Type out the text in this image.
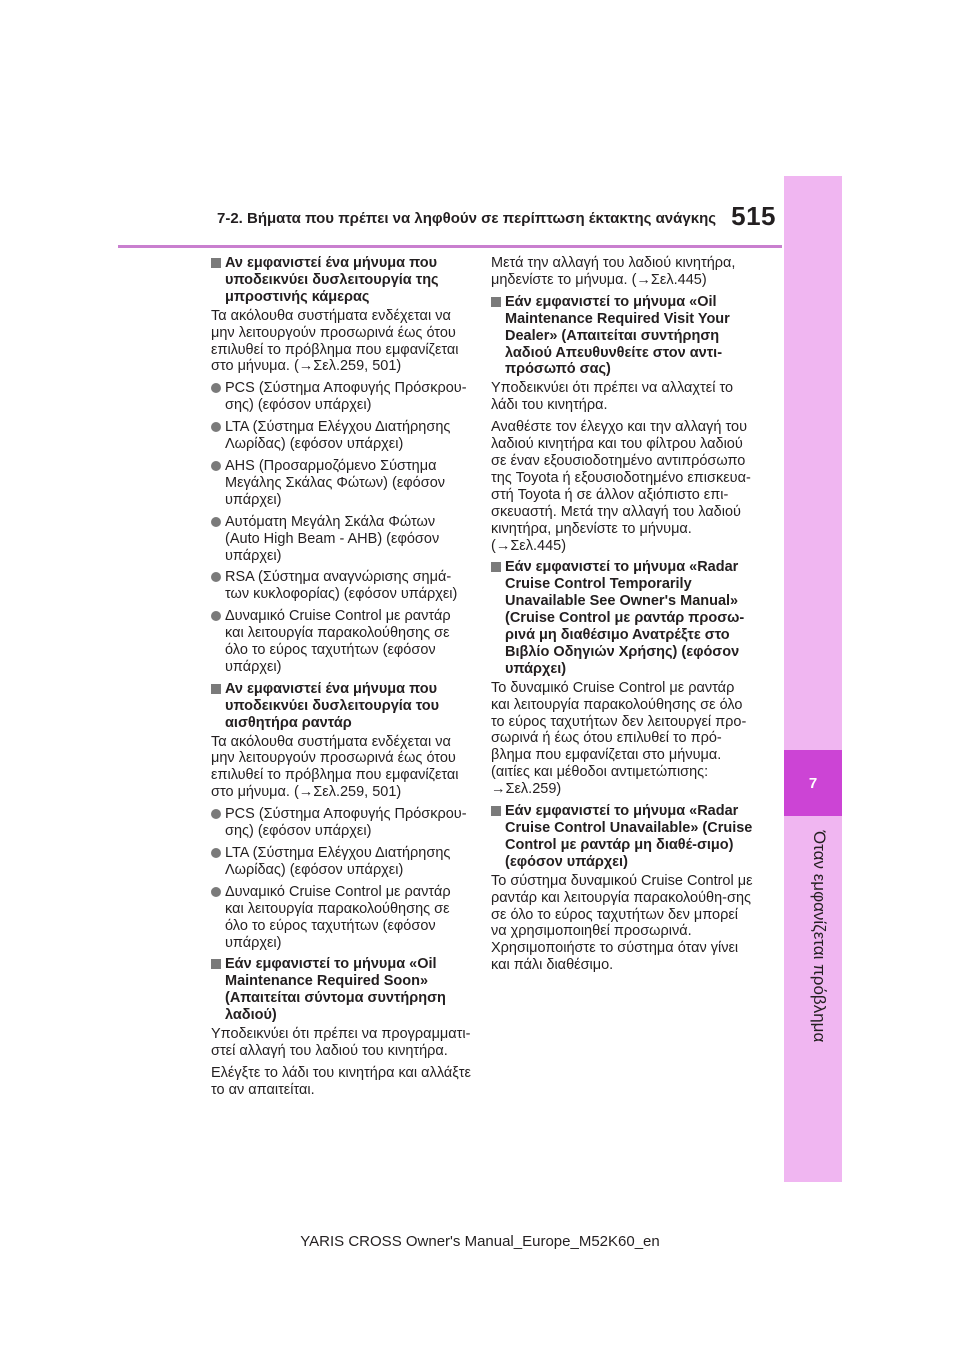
7-2. Βήματα που πρέπει να ληφθούν σε περίπτωση έκτακτης ανάγκης 515
7
Όταν εμφανίζεται πρόβλημα
Αν εμφανιστεί ένα μήνυμα που υποδεικνύει δυσλειτουργία της μπροστινής κάμερας
Τα ακόλουθα συστήματα ενδέχεται να μην λειτουργούν προσωρινά έως ότου επιλυθεί το πρόβλημα που εμφανίζεται στο μήνυμα. (→Σελ.259, 501)
PCS (Σύστημα Αποφυγής Πρόσκρου-σης) (εφόσον υπάρχει)
LTA (Σύστημα Ελέγχου Διατήρησης Λωρίδας) (εφόσον υπάρχει)
AHS (Προσαρμοζόμενο Σύστημα Μεγάλης Σκάλας Φώτων) (εφόσον υπάρχει)
Αυτόματη Μεγάλη Σκάλα Φώτων (Auto High Beam - AHB) (εφόσον υπάρχει)
RSA (Σύστημα αναγνώρισης σημά-των κυκλοφορίας) (εφόσον υπάρχει)
Δυναμικό Cruise Control με ραντάρ και λειτουργία παρακολούθησης σε όλο το εύρος ταχυτήτων (εφόσον υπάρχει)
Αν εμφανιστεί ένα μήνυμα που υποδεικνύει δυσλειτουργία του αισθητήρα ραντάρ
Τα ακόλουθα συστήματα ενδέχεται να μην λειτουργούν προσωρινά έως ότου επιλυθεί το πρόβλημα που εμφανίζεται στο μήνυμα. (→Σελ.259, 501)
PCS (Σύστημα Αποφυγής Πρόσκρου-σης) (εφόσον υπάρχει)
LTA (Σύστημα Ελέγχου Διατήρησης Λωρίδας) (εφόσον υπάρχει)
Δυναμικό Cruise Control με ραντάρ και λειτουργία παρακολούθησης σε όλο το εύρος ταχυτήτων (εφόσον υπάρχει)
Εάν εμφανιστεί το μήνυμα «Oil Maintenance Required Soon» (Απαιτείται σύντομα συντήρηση λαδιού)
Υποδεικνύει ότι πρέπει να προγραμματι-στεί αλλαγή του λαδιού του κινητήρα.
Ελέγξτε το λάδι του κινητήρα και αλλάξτε το αν απαιτείται.
Μετά την αλλαγή του λαδιού κινητήρα, μηδενίστε το μήνυμα. (→Σελ.445)
Εάν εμφανιστεί το μήνυμα «Oil Maintenance Required Visit Your Dealer» (Απαιτείται συντήρηση λαδιού Απευθυνθείτε στον αντι-πρόσωπό σας)
Υποδεικνύει ότι πρέπει να αλλαχτεί το λάδι του κινητήρα.
Αναθέστε τον έλεγχο και την αλλαγή του λαδιού κινητήρα και του φίλτρου λαδιού σε έναν εξουσιοδοτημένο αντιπρόσωπο της Toyota ή εξουσιοδοτημένο επισκευα-στή Toyota ή σε άλλον αξιόπιστο επι-σκευαστή. Μετά την αλλαγή του λαδιού κινητήρα, μηδενίστε το μήνυμα. (→Σελ.445)
Εάν εμφανιστεί το μήνυμα «Radar Cruise Control Temporarily Unavailable See Owner's Manual» (Cruise Control με ραντάρ προσω-ρινά μη διαθέσιμο Ανατρέξτε στο Βιβλίο Οδηγιών Χρήσης) (εφόσον υπάρχει)
Το δυναμικό Cruise Control με ραντάρ και λειτουργία παρακολούθησης σε όλο το εύρος ταχυτήτων δεν λειτουργεί προ-σωρινά ή έως ότου επιλυθεί το πρό-βλημα που εμφανίζεται στο μήνυμα. (αιτίες και μέθοδοι αντιμετώπισης: →Σελ.259)
Εάν εμφανιστεί το μήνυμα «Radar Cruise Control Unavailable» (Cruise Control με ραντάρ μη διαθέ-σιμο) (εφόσον υπάρχει)
Το σύστημα δυναμικού Cruise Control με ραντάρ και λειτουργία παρακολούθη-σης σε όλο το εύρος ταχυτήτων δεν μπορεί να χρησιμοποιηθεί προσωρινά. Χρησιμοποιήστε το σύστημα όταν γίνει και πάλι διαθέσιμο.
YARIS CROSS Owner's Manual_Europe_M52K60_en
